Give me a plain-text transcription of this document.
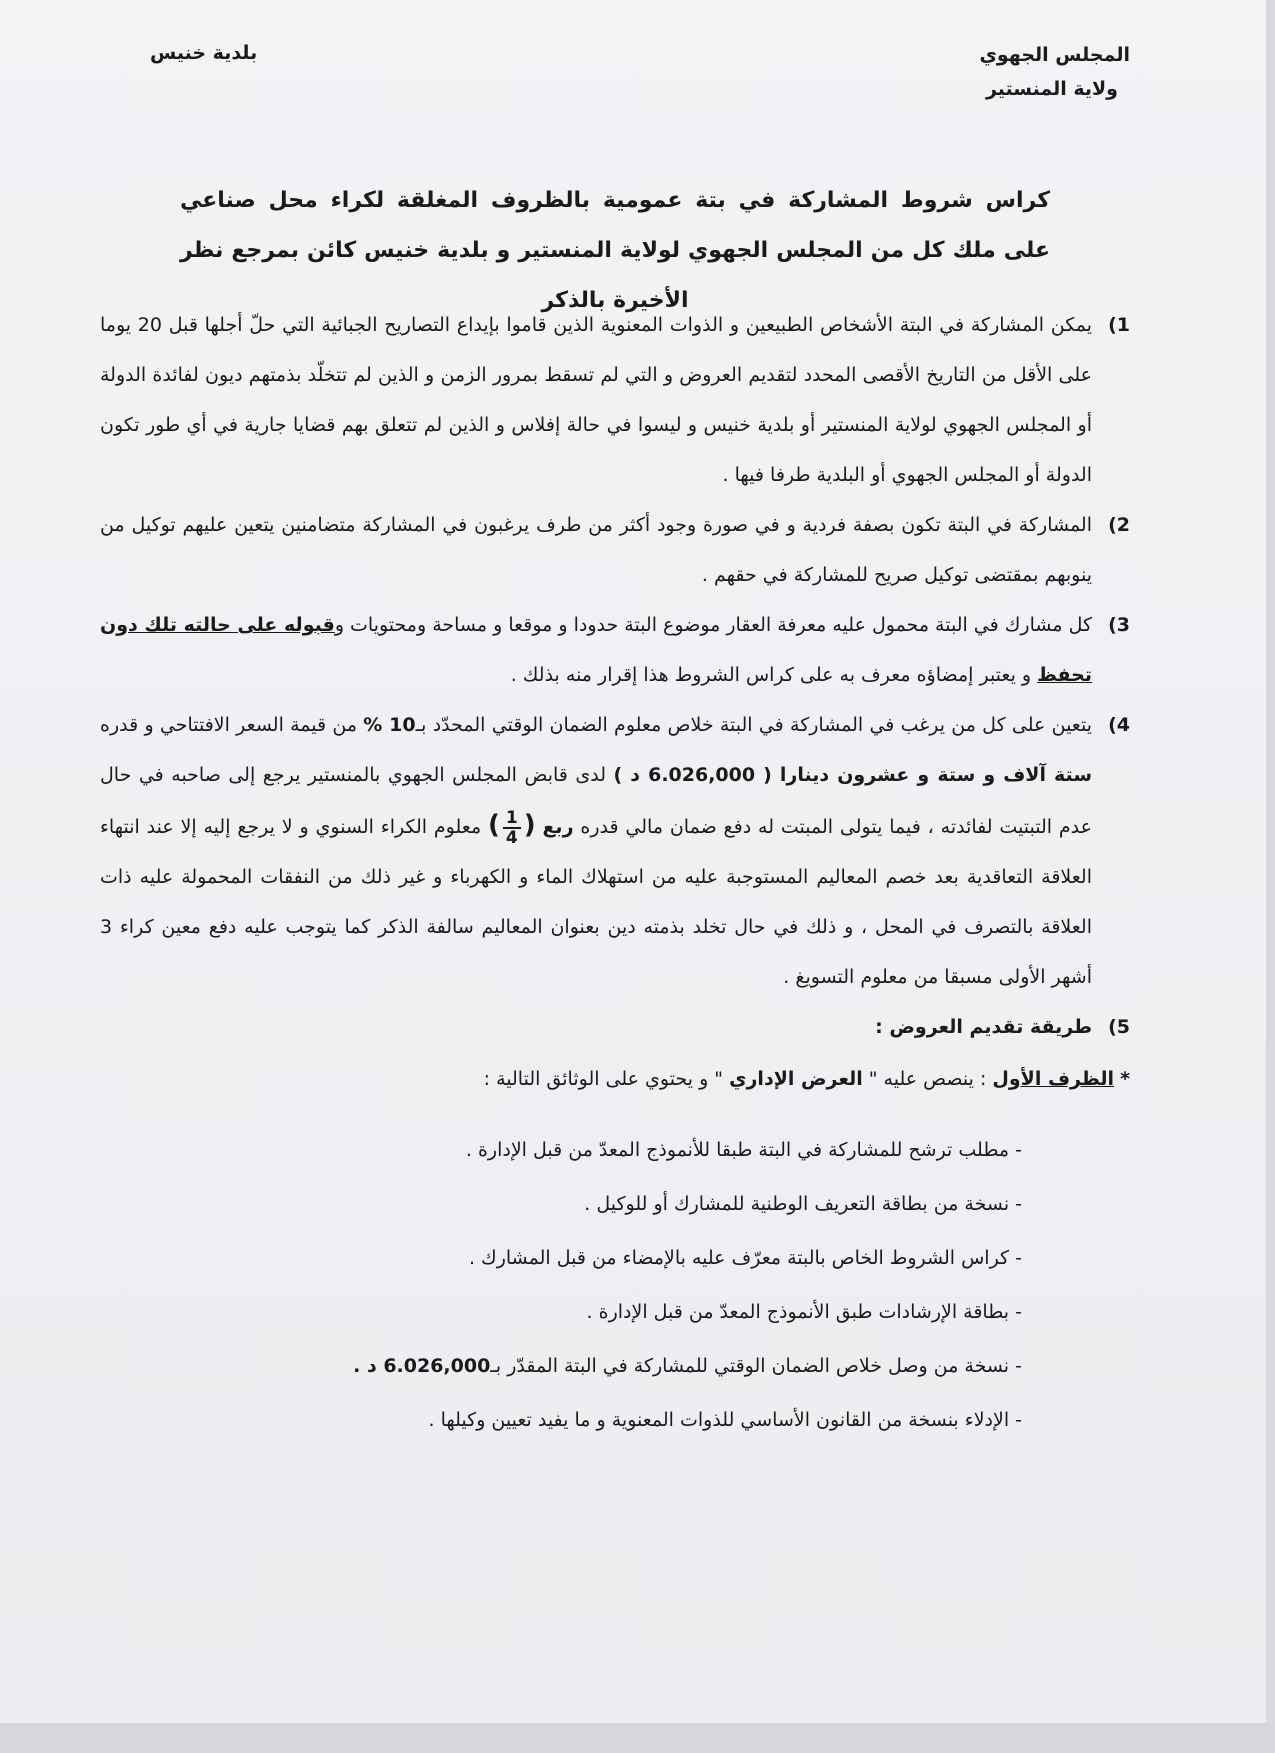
المجلس الجهوي
ولاية المنستير
بلدية خنيس
كراس شروط المشاركة في بتة عمومية بالظروف المغلقة لكراء محل صناعي على ملك كل من المجلس الجهوي لولاية المنستير و بلدية خنيس كائن بمرجع نظر الأخيرة بالذكر

1)
يمكن المشاركة في البتة الأشخاص الطبيعين و الذوات المعنوية الذين قاموا بإيداع التصاريح الجبائية التي حلّ أجلها قبل 20 يوما على الأقل من التاريخ الأقصى المحدد لتقديم العروض و التي لم تسقط بمرور الزمن و الذين لم تتخلّد بذمتهم ديون لفائدة الدولة أو المجلس الجهوي لولاية المنستير أو بلدية خنيس و ليسوا في حالة إفلاس و الذين لم تتعلق بهم قضايا جارية في أي طور تكون الدولة أو المجلس الجهوي أو البلدية طرفا فيها .

2)
المشاركة في البتة تكون بصفة فردية و في صورة وجود أكثر من طرف يرغبون في المشاركة متضامنين يتعين عليهم توكيل من ينوبهم بمقتضى توكيل صريح للمشاركة في حقهم .

3)
كل مشارك في البتة محمول عليه معرفة العقار موضوع البتة حدودا و موقعا و مساحة ومحتويات وقبوله على حالته تلك دون تحفظ و يعتبر إمضاؤه معرف به على كراس الشروط هذا إقرار منه بذلك .

4)
يتعين على كل من يرغب في المشاركة في البتة خلاص معلوم الضمان الوقتي المحدّد بـ10 % من قيمة السعر الافتتاحي و قدره ستة آلاف و ستة و عشرون دينارا ( 6.026,000 د ) لدى قابض المجلس الجهوي بالمنستير يرجع إلى صاحبه في حال عدم التبتيت لفائدته ، فيما يتولى المبتت له دفع ضمان مالي قدره ربع (
$\frac{1}{4}$
) معلوم الكراء السنوي و لا يرجع إليه إلا عند انتهاء العلاقة التعاقدية بعد خصم المعاليم المستوجبة عليه من استهلاك الماء و الكهرباء و غير ذلك من النفقات المحمولة عليه ذات العلاقة بالتصرف في المحل ، و ذلك في حال تخلد بذمته دين بعنوان المعاليم سالفة الذكر كما يتوجب عليه دفع معين كراء 3 أشهر الأولى مسبقا من معلوم التسويغ .

5)
طريقة تقديم العروض :

* الظرف الأول : ينصص عليه " العرض الإداري " و يحتوي على الوثائق التالية :

- مطلب ترشح للمشاركة في البتة طبقا للأنموذج المعدّ من قبل الإدارة .
- نسخة من بطاقة التعريف الوطنية للمشارك أو للوكيل .
- كراس الشروط الخاص بالبتة معرّف عليه بالإمضاء من قبل المشارك .
- بطاقة الإرشادات طبق الأنموذج المعدّ من قبل الإدارة .
- نسخة من وصل خلاص الضمان الوقتي للمشاركة في البتة المقدّر بـ6.026,000 د .
- الإدلاء بنسخة من القانون الأساسي للذوات المعنوية و ما يفيد تعيين وكيلها .
